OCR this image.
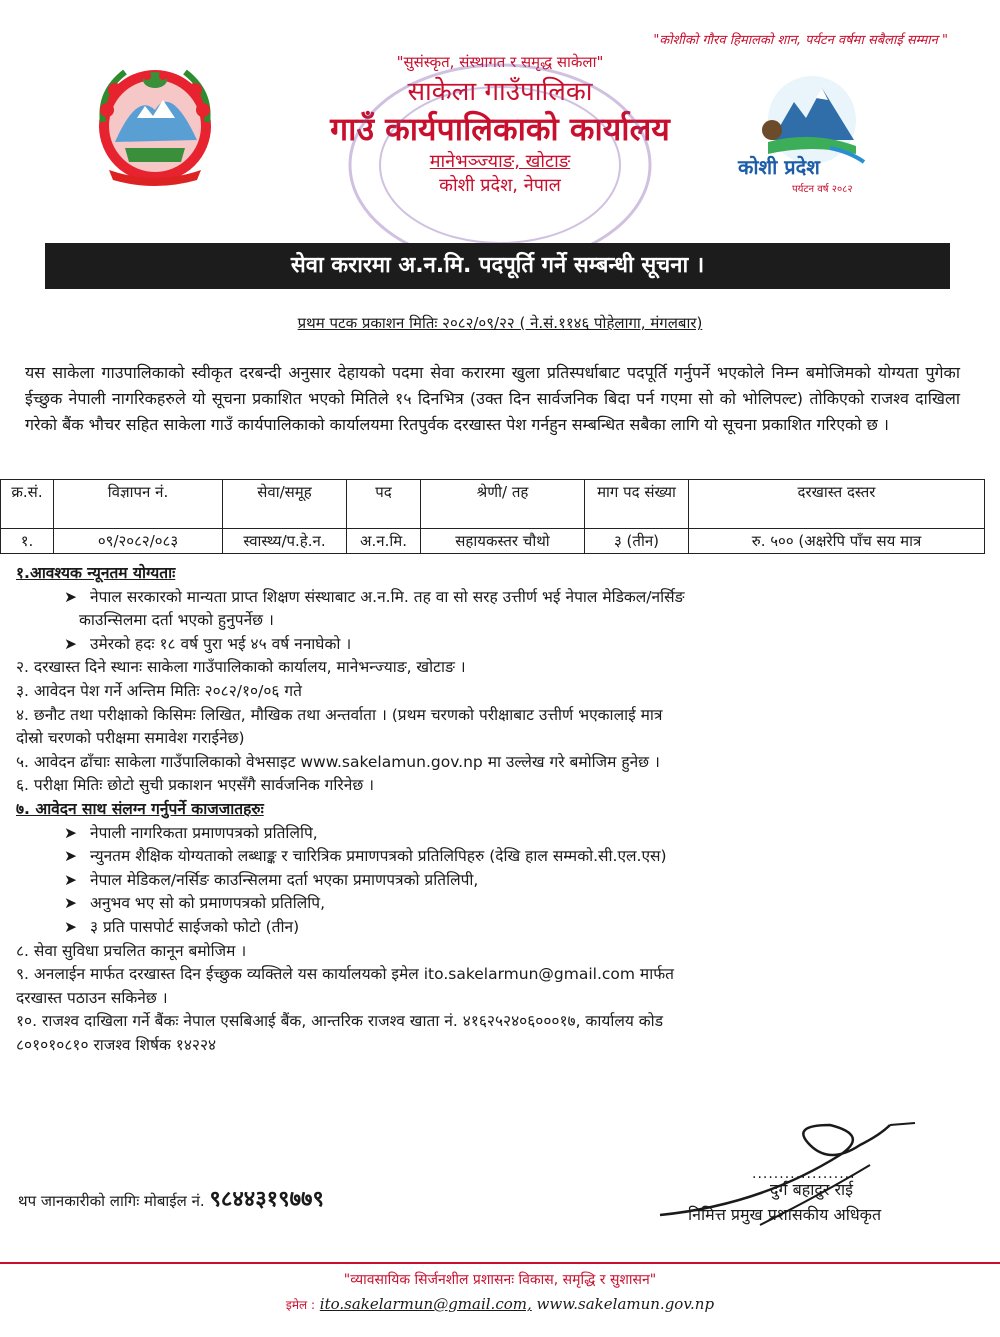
"कोशीको गौरव हिमालको शान, पर्यटन वर्षमा सबैलाई सम्मान "
"सुसंस्कृत, संस्थागत र समृद्ध साकेला"
साकेला गाउँपालिका
गाउँ कार्यपालिकाको कार्यालय
मानेभञ्ज्याङ, खोटाङ
कोशी प्रदेश, नेपाल
कोशी प्रदेश
पर्यटन वर्ष २०८२
सेवा करारमा अ.न.मि. पदपूर्ति गर्ने सम्बन्धी सूचना ।
प्रथम पटक प्रकाशन मितिः २०८२/०९/२२ ( ने.सं.११४६ पोहेलागा, मंगलबार)
यस साकेला गाउपालिकाको स्वीकृत दरबन्दी अनुसार देहायको पदमा सेवा करारमा खुला प्रतिस्पर्धाबाट पदपूर्ति गर्नुपर्ने भएकोले निम्न बमोजिमको योग्यता पुगेका ईच्छुक नेपाली नागरिकहरुले यो सूचना प्रकाशित भएको मितिले १५ दिनभित्र (उक्त दिन सार्वजनिक बिदा पर्न गएमा सो को भोलिपल्ट) तोकिएको राजश्व दाखिला गरेको बैंक भौचर सहित साकेला गाउँ कार्यपालिकाको कार्यालयमा रितपुर्वक दरखास्त पेश गर्नहुन सम्बन्धित सबैका लागि यो सूचना प्रकाशित गरिएको छ ।
क्र.सं.	विज्ञापन नं.	सेवा/समूह	पद	श्रेणी/ तह	माग पद संख्या	दरखास्त दस्तर
१.	०९/२०८२/०८३	स्वास्थ्य/प.हे.न.	अ.न.मि.	सहायकस्तर चौथो	३ (तीन)	रु. ५०० (अक्षरेपि पाँच सय मात्र
१.आवश्यक न्यूनतम योग्यताः
➤ नेपाल सरकारको मान्यता प्राप्त शिक्षण संस्थाबाट अ.न.मि. तह वा सो सरह उत्तीर्ण भई नेपाल मेडिकल/नर्सिङ
काउन्सिलमा दर्ता भएको हुनुपर्नेछ ।
➤ उमेरको हदः १८ वर्ष पुरा भई ४५ वर्ष ननाघेको ।
२. दरखास्त दिने स्थानः साकेला गाउँपालिकाको कार्यालय, मानेभन्ज्याङ, खोटाङ ।
३. आवेदन पेश गर्ने अन्तिम मितिः २०८२/१०/०६ गते
४. छनौट तथा परीक्षाको किसिमः लिखित, मौखिक तथा अन्तर्वाता । (प्रथम चरणको परीक्षाबाट उत्तीर्ण भएकालाई मात्र
दोस्रो चरणको परीक्षमा समावेश गराईनेछ)
५. आवेदन ढाँचाः साकेला गाउँपालिकाको वेभसाइट www.sakelamun.gov.np मा उल्लेख गरे बमोजिम हुनेछ ।
६. परीक्षा मितिः छोटो सुची प्रकाशन भएसँगै सार्वजनिक गरिनेछ ।
७. आवेदन साथ संलग्न गर्नुपर्ने काजजातहरुः
➤ नेपाली नागरिकता प्रमाणपत्रको प्रतिलिपि,
➤ न्युनतम शैक्षिक योग्यताको लब्धाङ्क र चारित्रिक प्रमाणपत्रको प्रतिलिपिहरु (देखि हाल सम्मको.सी.एल.एस)
➤ नेपाल मेडिकल/नर्सिङ काउन्सिलमा दर्ता भएका प्रमाणपत्रको प्रतिलिपी,
➤ अनुभव भए सो को प्रमाणपत्रको प्रतिलिपि,
➤ ३ प्रति पासपोर्ट साईजको फोटो (तीन)
८. सेवा सुविधा प्रचलित कानून बमोजिम ।
९. अनलाईन मार्फत दरखास्त दिन ईच्छुक व्यक्तिले यस कार्यालयको इमेल ito.sakelarmun@gmail.com मार्फत
दरखास्त पठाउन सकिनेछ ।
१०. राजश्व दाखिला गर्ने बैंकः नेपाल एसबिआई बैंक, आन्तरिक राजश्व खाता नं. ४१६२५२४०६०००१७, कार्यालय कोड
८०१०१०८१० राजश्व शिर्षक १४२२४
...................
दुर्ग बहादुर राई
निमित्त प्रमुख प्रशासकीय अधिकृत
थप जानकारीको लागिः मोबाईल नं. ९८४४३१९७७९
"व्यावसायिक सिर्जनशील प्रशासनः विकास, समृद्धि र सुशासन"
इमेल : ito.sakelarmun@gmail.com, www.sakelamun.gov.np
